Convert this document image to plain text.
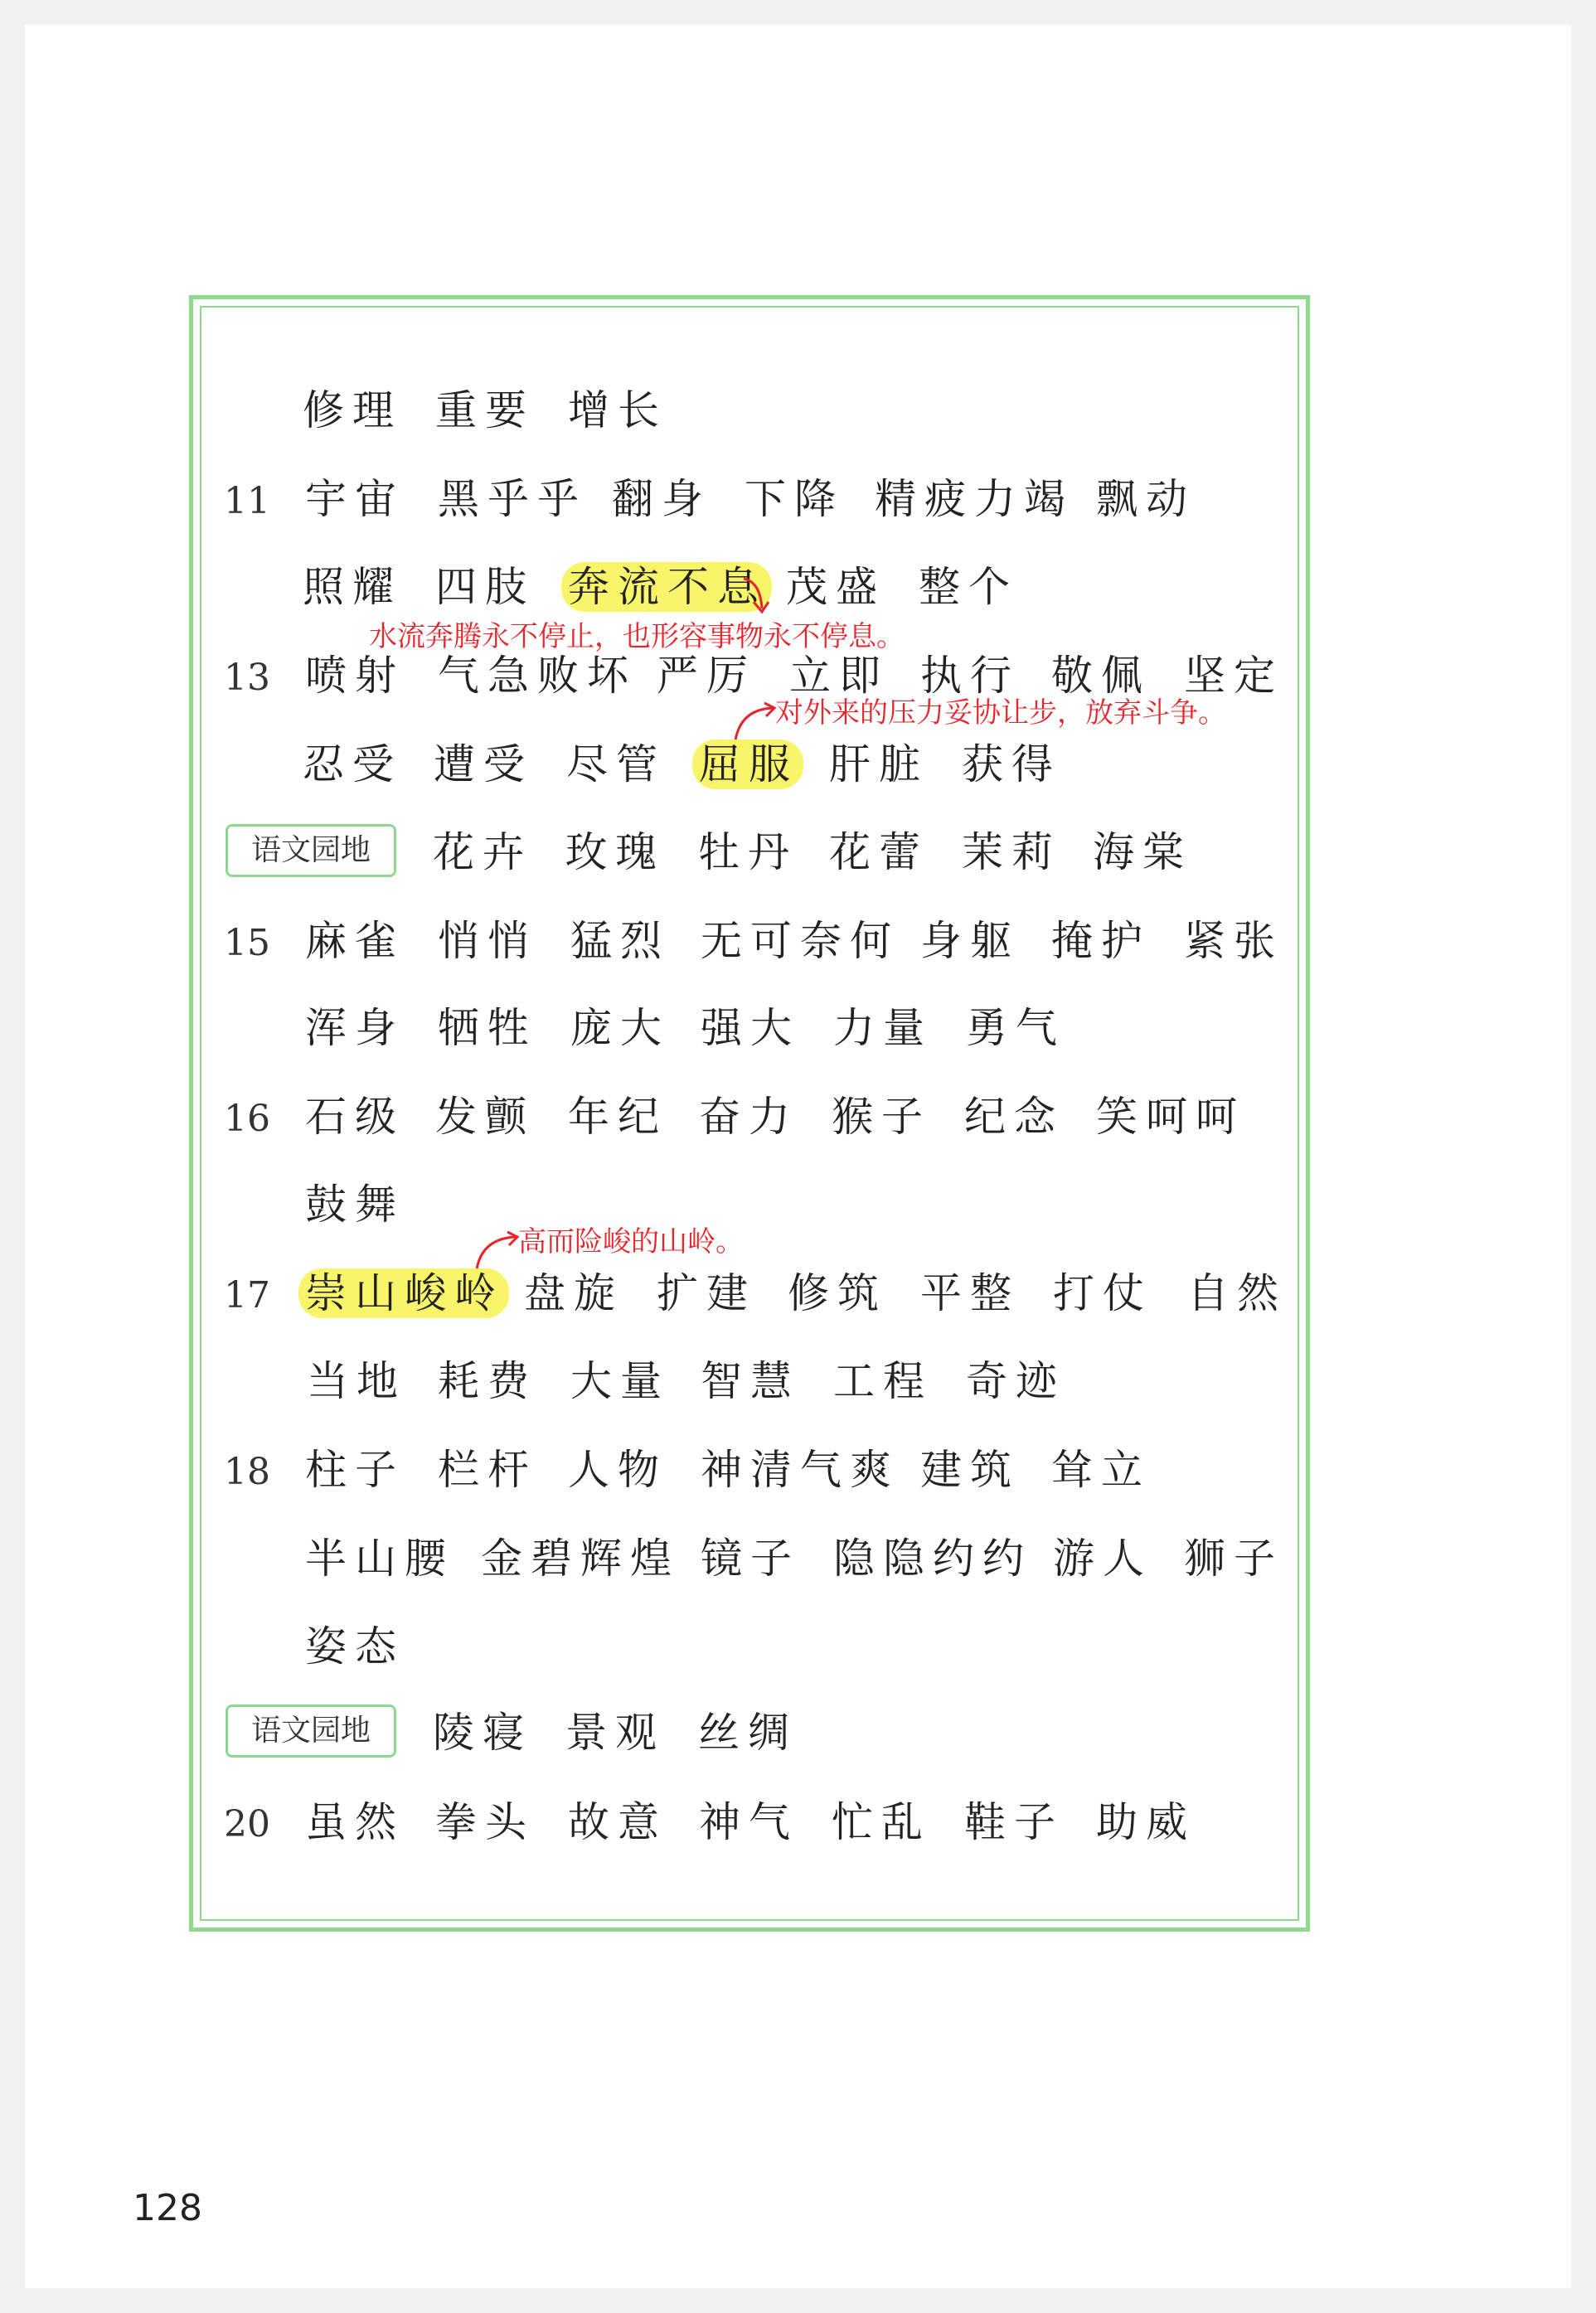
修理 重要 增长
11 宇宙 黑乎乎 翻身 下降 精疲力竭 飘动
照耀 四肢 奔流不息 茂盛 整个
水流奔腾永不停止，也形容事物永不停息。
13 喷射 气急败坏 严厉 立即 执行 敬佩 坚定
对外来的压力妥协让步，放弃斗争。
忍受 遭受 尽管 屈服 肝脏 获得
语文园地	花卉 玫瑰 牡丹 花蕾 茉莉 海棠
15 麻雀 悄悄 猛烈 无可奈何 身躯 掩护 紧张
浑身 牺牲 庞大 强大 力量 勇气
16 石级 发颤 年纪 奋力 猴子 纪念 笑呵呵
鼓舞
高而险峻的山岭。
17 崇山峻岭 盘旋 扩建 修筑 平整 打仗 自然
当地 耗费 大量 智慧 工程 奇迹
18 柱子 栏杆 人物 神清气爽 建筑 耸立
半山腰 金碧辉煌 镜子 隐隐约约 游人 狮子
姿态
语文园地	陵寝 景观 丝绸
20 虽然 拳头 故意 神气 忙乱 鞋子 助威
128
